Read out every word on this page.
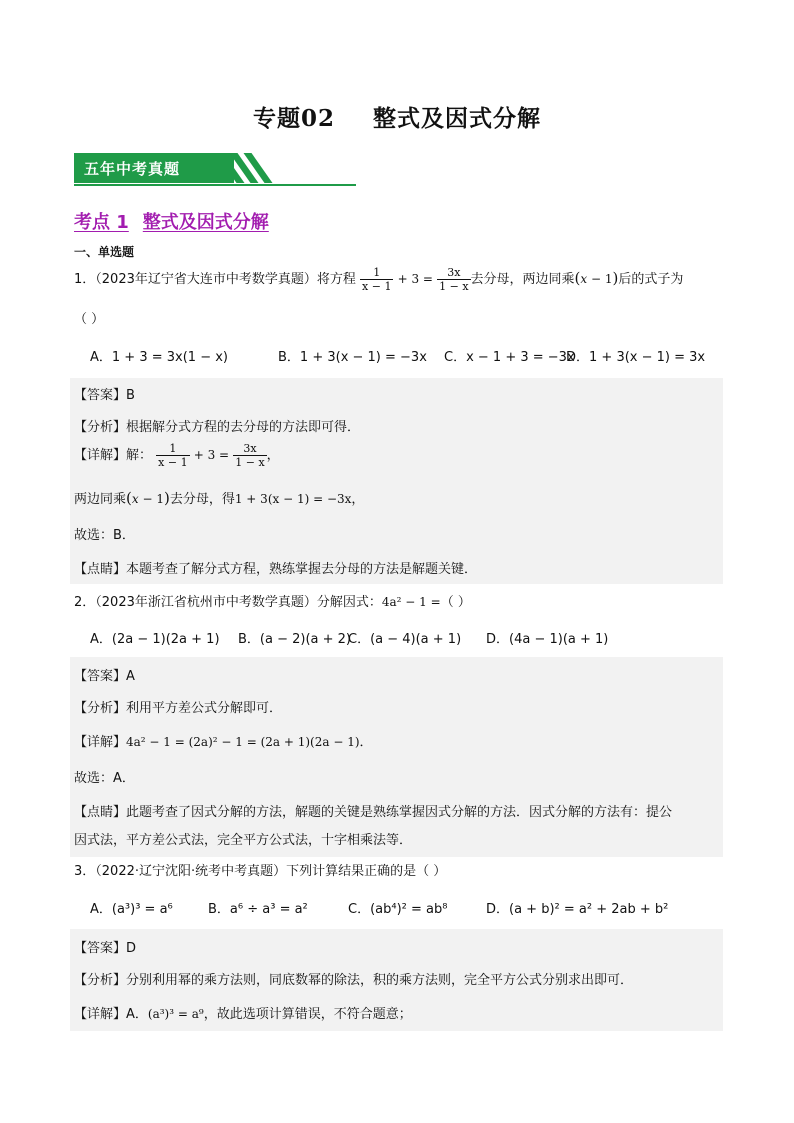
专题02 整式及因式分解
五年中考真题
考点 1 整式及因式分解
一、单选题
1．（2023年辽宁省大连市中考数学真题）将方程 $\frac{1}{x - 1} + 3 = \frac{3x}{1 - x}$ 去分母，两边同乘(x − 1)后的式子为
（ ）
A．1 + 3 = 3x(1 − x)	B．1 + 3(x − 1) = −3x C．x − 1 + 3 = −3x
D．1 + 3(x − 1) = 3x
【答案】B
【分析】根据解分式方程的去分母的方法即可得．
【详解】解： $\frac{1}{x - 1} + 3 = \frac{3x}{1 - x}$ ，
两边同乘(x − 1)去分母，得1 + 3(x − 1) = −3x，
故选：B．
【点睛】本题考查了解分式方程，熟练掌握去分母的方法是解题关键．
2．（2023年浙江省杭州市中考数学真题）分解因式：4a² − 1 =（ ）
A．(2a − 1)(2a + 1) B．(a − 2)(a + 2)
C．(a − 4)(a + 1) D．(4a − 1)(a + 1)
【答案】A
【分析】利用平方差公式分解即可．
【详解】4a² − 1 = (2a)² − 1 = (2a + 1)(2a − 1)．
故选：A．
【点睛】此题考查了因式分解的方法，解题的关键是熟练掌握因式分解的方法．因式分解的方法有：提公
因式法，平方差公式法，完全平方公式法，十字相乘法等．
3．（2022·辽宁沈阳·统考中考真题）下列计算结果正确的是（ ）
A．(a³)³ = a⁶	B．a⁶ ÷ a³ = a²	C．(ab⁴)² = ab⁸	D．(a + b)² = a² + 2ab + b²
【答案】D
【分析】分别利用幂的乘方法则，同底数幂的除法，积的乘方法则，完全平方公式分别求出即可．
【详解】A．(a³)³ = a⁹，故此选项计算错误，不符合题意；
